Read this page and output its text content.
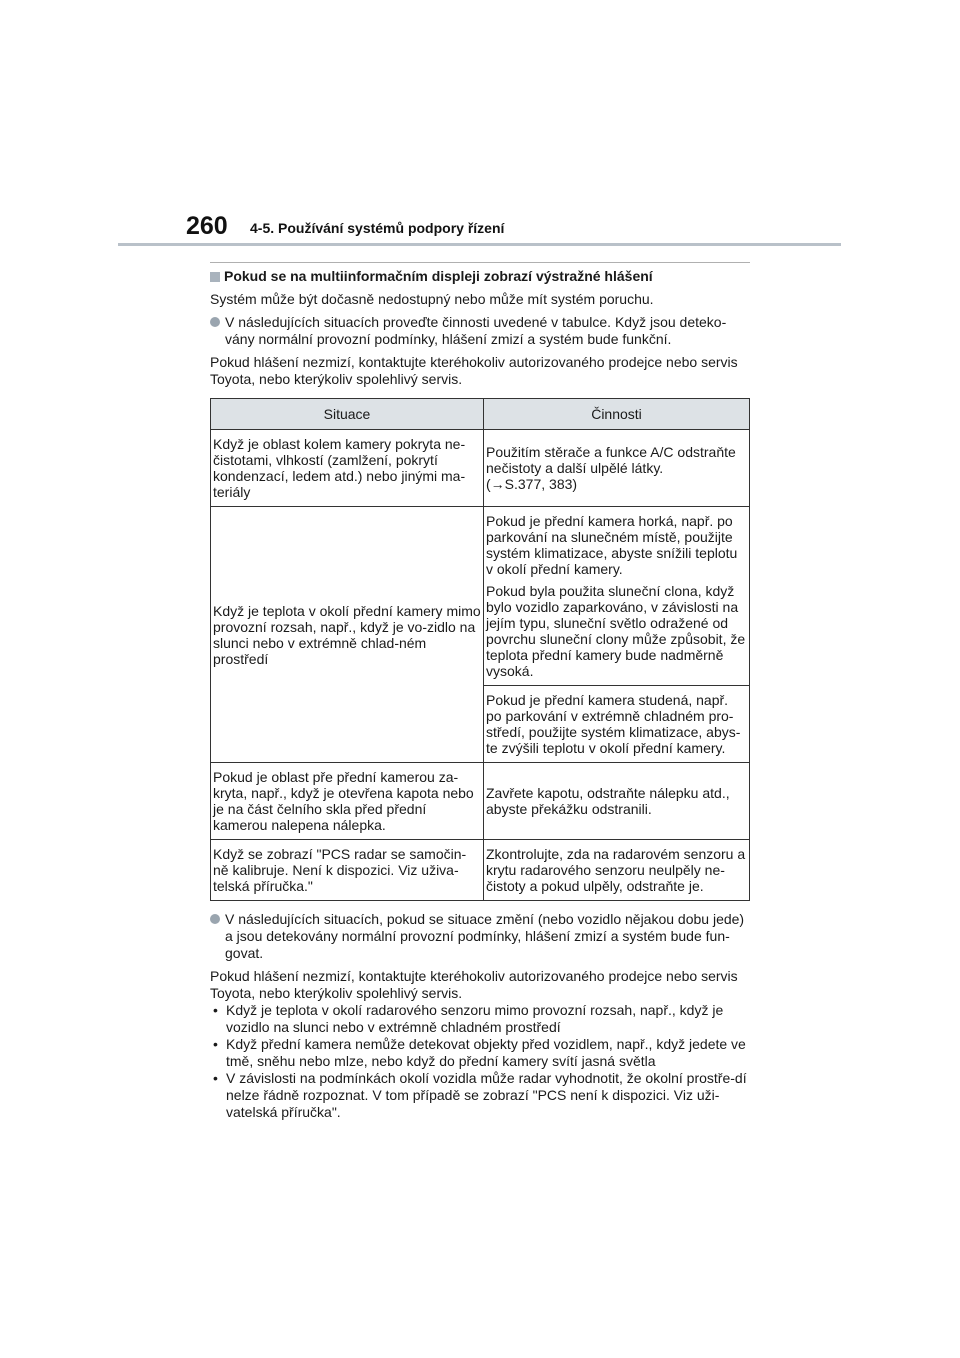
260 4-5. Používání systémů podpory řízení
Pokud se na multiinformačním displeji zobrazí výstražné hlášení

Systém může být dočasně nedostupný nebo může mít systém poruchu.

V následujících situacích proveďte činnosti uvedené v tabulce. Když jsou deteko-vány normální provozní podmínky, hlášení zmizí a systém bude funkční.

Pokud hlášení nezmizí, kontaktujte kteréhokoliv autorizovaného prodejce nebo servis Toyota, nebo kterýkoliv spolehlivý servis.

Situace	Činnosti
Když je oblast kolem kamery pokryta ne-čistotami, vlhkostí (zamlžení, pokrytí kondenzací, ledem atd.) nebo jinými ma-teriály	Použitím stěrače a funkce A/C odstraňte nečistoty a další ulpělé látky.
(→S.377, 383)
Když je teplota v okolí přední kamery mimo provozní rozsah, např., když je vo-zidlo na slunci nebo v extrémně chlad-ném prostředí	Pokud je přední kamera horká, např. po parkování na slunečném místě, použijte systém klimatizace, abyste snížili teplotu v okolí přední kamery.

Pokud byla použita sluneční clona, když bylo vozidlo zaparkováno, v závislosti na jejím typu, sluneční světlo odražené od povrchu sluneční clony může způsobit, že teplota přední kamery bude nadměrně vysoká.

	Pokud je přední kamera studená, např. po parkování v extrémně chladném pro-středí, použijte systém klimatizace, abys-te zvýšili teplotu v okolí přední kamery.
Pokud je oblast pře přední kamerou za-kryta, např., když je otevřena kapota nebo je na část čelního skla před přední kamerou nalepena nálepka.	Zavřete kapotu, odstraňte nálepku atd., abyste překážku odstranili.
Když se zobrazí "PCS radar se samočin-ně kalibruje. Není k dispozici. Viz uživa-telská příručka."	Zkontrolujte, zda na radarovém senzoru a krytu radarového senzoru neulpěly ne-čistoty a pokud ulpěly, odstraňte je.
V následujících situacích, pokud se situace změní (nebo vozidlo nějakou dobu jede) a jsou detekovány normální provozní podmínky, hlášení zmizí a systém bude fun-govat.

Pokud hlášení nezmizí, kontaktujte kteréhokoliv autorizovaného prodejce nebo servis Toyota, nebo kterýkoliv spolehlivý servis.

• Když je teplota v okolí radarového senzoru mimo provozní rozsah, např., když je vozidlo na slunci nebo v extrémně chladném prostředí
• Když přední kamera nemůže detekovat objekty před vozidlem, např., když jedete ve tmě, sněhu nebo mlze, nebo když do přední kamery svítí jasná světla
• V závislosti na podmínkách okolí vozidla může radar vyhodnotit, že okolní prostře-dí nelze řádně rozpoznat. V tom případě se zobrazí "PCS není k dispozici. Viz uži-vatelská příručka".
